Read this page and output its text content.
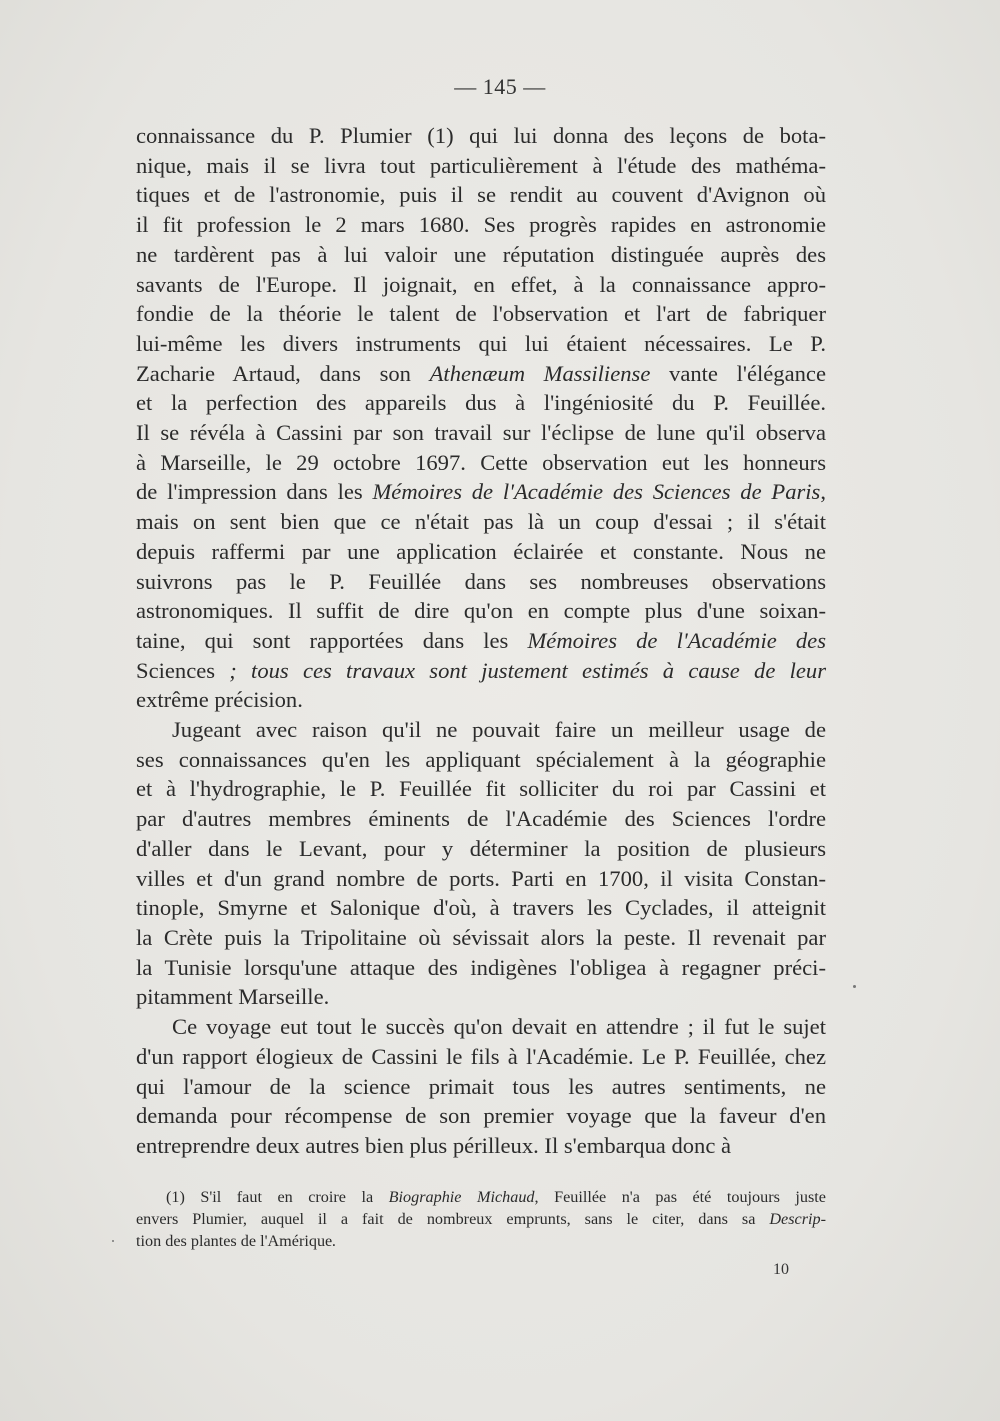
— 145 —

connaissance du P. Plumier (1) qui lui donna des leçons de bota-
nique, mais il se livra tout particulièrement à l'étude des mathéma-
tiques et de l'astronomie, puis il se rendit au couvent d'Avignon où
il fit profession le 2 mars 1680. Ses progrès rapides en astronomie
ne tardèrent pas à lui valoir une réputation distinguée auprès des
savants de l'Europe. Il joignait, en effet, à la connaissance appro-
fondie de la théorie le talent de l'observation et l'art de fabriquer
lui-même les divers instruments qui lui étaient nécessaires. Le P.
Zacharie Artaud, dans son Athenæum Massiliense vante l'élégance
et la perfection des appareils dus à l'ingéniosité du P. Feuillée.
Il se révéla à Cassini par son travail sur l'éclipse de lune qu'il observa
à Marseille, le 29 octobre 1697. Cette observation eut les honneurs
de l'impression dans les Mémoires de l'Académie des Sciences de Paris,
mais on sent bien que ce n'était pas là un coup d'essai ; il s'était
depuis raffermi par une application éclairée et constante. Nous ne
suivrons pas le P. Feuillée dans ses nombreuses observations
astronomiques. Il suffit de dire qu'on en compte plus d'une soixan-
taine, qui sont rapportées dans les Mémoires de l'Académie des
Sciences ; tous ces travaux sont justement estimés à cause de leur
extrême précision.

Jugeant avec raison qu'il ne pouvait faire un meilleur usage de
ses connaissances qu'en les appliquant spécialement à la géographie
et à l'hydrographie, le P. Feuillée fit solliciter du roi par Cassini et
par d'autres membres éminents de l'Académie des Sciences l'ordre
d'aller dans le Levant, pour y déterminer la position de plusieurs
villes et d'un grand nombre de ports. Parti en 1700, il visita Constan-
tinople, Smyrne et Salonique d'où, à travers les Cyclades, il atteignit
la Crète puis la Tripolitaine où sévissait alors la peste. Il revenait par
la Tunisie lorsqu'une attaque des indigènes l'obligea à regagner préci-
pitamment Marseille.

Ce voyage eut tout le succès qu'on devait en attendre ; il fut le sujet
d'un rapport élogieux de Cassini le fils à l'Académie. Le P. Feuillée, chez
qui l'amour de la science primait tous les autres sentiments, ne
demanda pour récompense de son premier voyage que la faveur d'en
entreprendre deux autres bien plus périlleux. Il s'embarqua donc à

(1) S'il faut en croire la Biographie Michaud, Feuillée n'a pas été toujours juste
envers Plumier, auquel il a fait de nombreux emprunts, sans le citer, dans sa Descrip-
tion des plantes de l'Amérique.
10
